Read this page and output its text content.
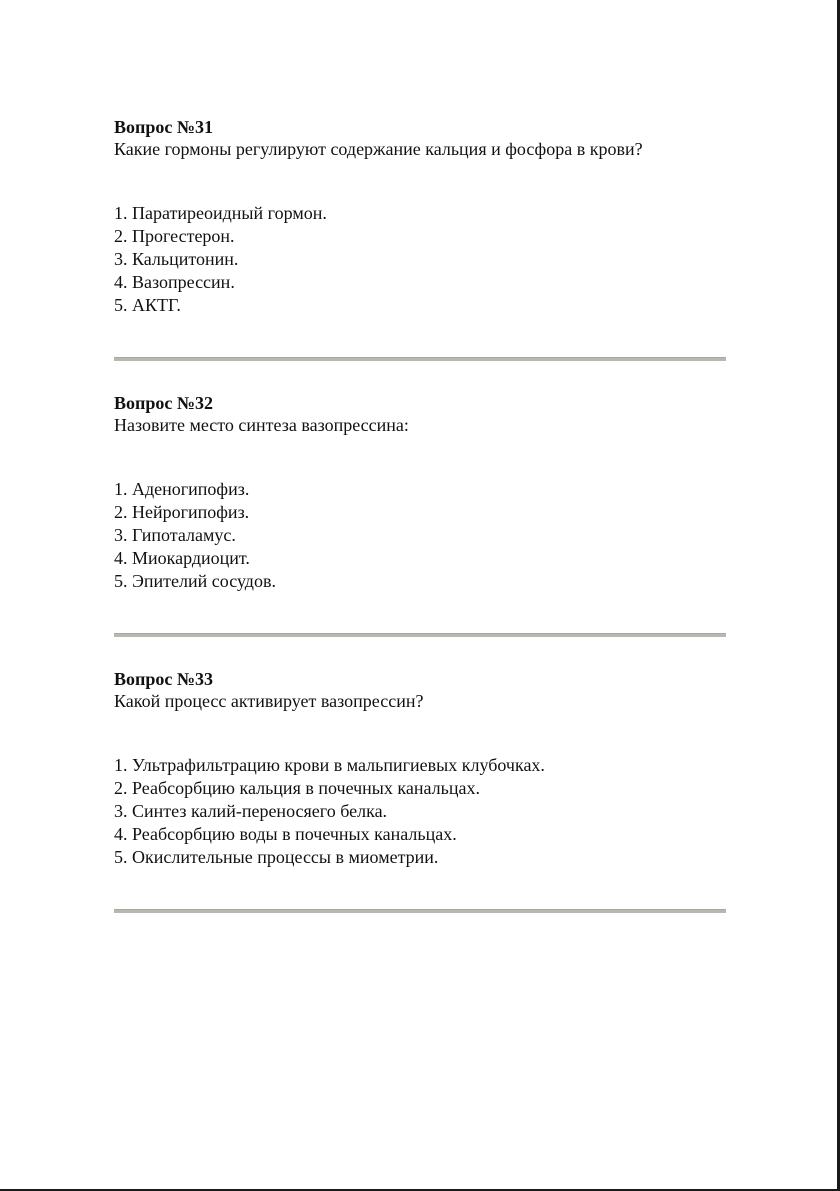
Вопрос №31

Какие гормоны регулируют содержание кальция и фосфора в крови?

1. Паратиреоидный гормон.
2. Прогестерон.
3. Кальцитонин.
4. Вазопрессин.
5. АКТГ.

Вопрос №32

Назовите место синтеза вазопрессина:

1. Аденогипофиз.
2. Нейрогипофиз.
3. Гипоталамус.
4. Миокардиоцит.
5. Эпителий сосудов.

Вопрос №33

Какой процесс активирует вазопрессин?

1. Ультрафильтрацию крови в мальпигиевых клубочках.
2. Реабсорбцию кальция в почечных канальцах.
3. Синтез калий-переносяего белка.
4. Реабсорбцию воды в почечных канальцах.
5. Окислительные процессы в миометрии.
